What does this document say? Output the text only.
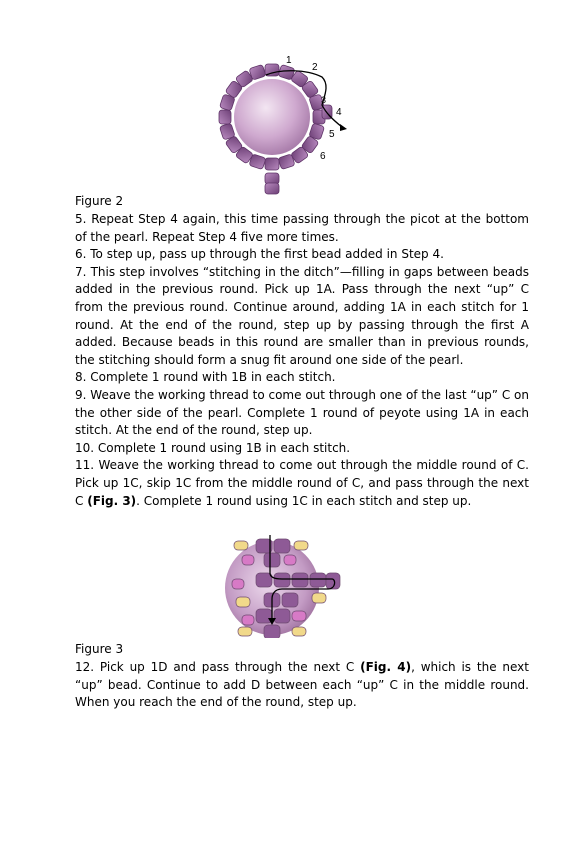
1
2
3
4
5
6
Figure 2

5. Repeat Step 4 again, this time passing through the picot at the bottom of the pearl. Repeat Step 4 five more times.

6. To step up, pass up through the first bead added in Step 4.

7. This step involves “stitching in the ditch”—filling in gaps between beads added in the previous round. Pick up 1A. Pass through the next “up” C from the previous round. Continue around, adding 1A in each stitch for 1 round. At the end of the round, step up by passing through the first A added. Because beads in this round are smaller than in previous rounds, the stitching should form a snug fit around one side of the pearl.

8. Complete 1 round with 1B in each stitch.

9. Weave the working thread to come out through one of the last “up” C on the other side of the pearl. Complete 1 round of peyote using 1A in each stitch. At the end of the round, step up.

10. Complete 1 round using 1B in each stitch.

11. Weave the working thread to come out through the middle round of C. Pick up 1C, skip 1C from the middle round of C, and pass through the next C (Fig. 3). Complete 1 round using 1C in each stitch and step up.

Figure 3

12. Pick up 1D and pass through the next C (Fig. 4), which is the next “up” bead. Continue to add D between each “up” C in the middle round. When you reach the end of the round, step up.
